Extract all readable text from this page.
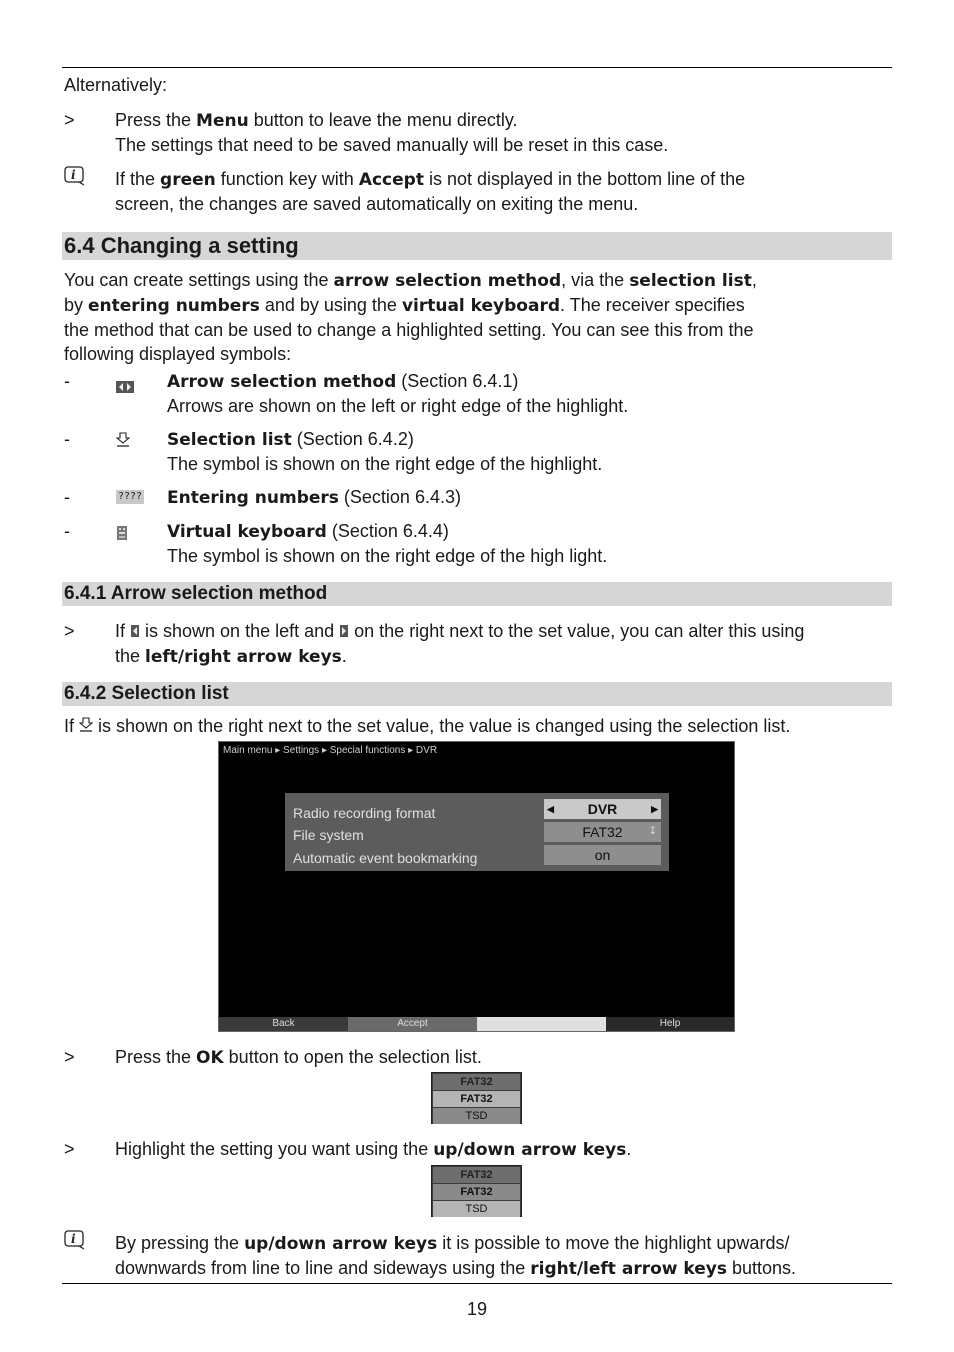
Alternatively:
> Press the Menu button to leave the menu directly.
The settings that need to be saved manually will be reset in this case.
i If the green function key with Accept is not displayed in the bottom line of the
screen, the changes are saved automatically on exiting the menu.
6.4 Changing a setting
You can create settings using the arrow selection method, via the selection list,
by entering numbers and by using the virtual keyboard. The receiver specifies
the method that can be used to change a highlighted setting. You can see this from the
following displayed symbols:
-	Arrow selection method (Section 6.4.1)
Arrows are shown on the left or right edge of the highlight.
-	Selection list (Section 6.4.2)
The symbol is shown on the right edge of the highlight.
-	???? Entering numbers (Section 6.4.3)
-	Virtual keyboard (Section 6.4.4)
The symbol is shown on the right edge of the high light.
6.4.1 Arrow selection method
> If  is shown on the left and  on the right next to the set value, you can alter this using
the left/right arrow keys.
6.4.2 Selection list
If  is shown on the right next to the set value, the value is changed using the selection list.
Main menu ▸ Settings ▸ Special functions ▸ DVR
Radio recording format	◀ DVR	▶
File system	FAT32	↧
Automatic event bookmarking	on
Back	Accept	Help
> Press the OK button to open the selection list.
FAT32
FAT32
TSD
> Highlight the setting you want using the up/down arrow keys.
FAT32
FAT32
TSD
i By pressing the up/down arrow keys it is possible to move the highlight upwards/
downwards from line to line and sideways using the right/left arrow keys buttons.
19
